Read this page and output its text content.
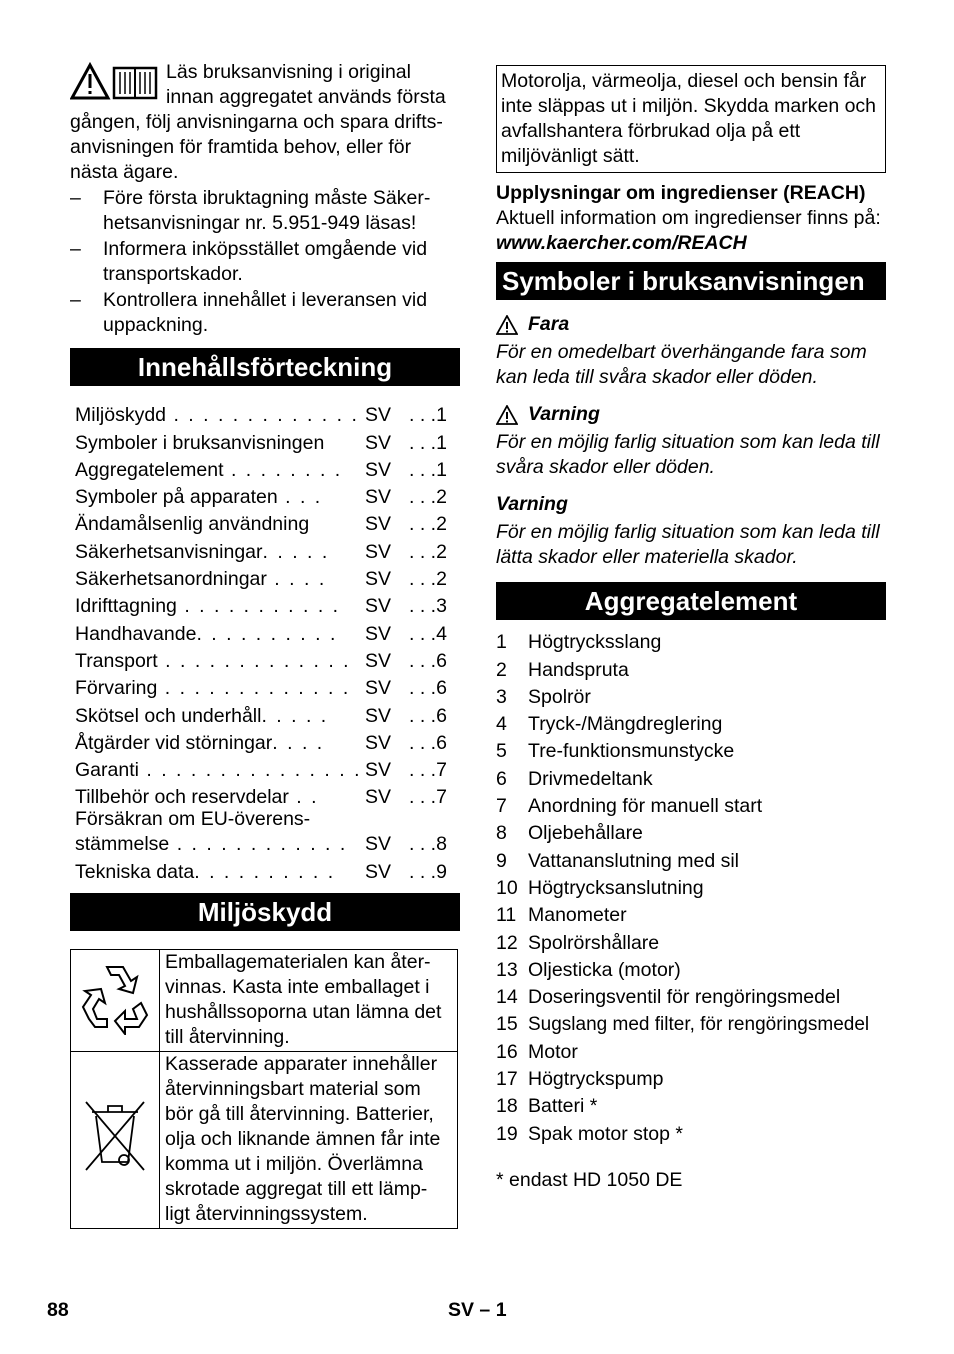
Läs bruksanvisning i original innan aggregatet används första gången, följ anvisningarna och spara drifts-anvisningen för framtida behov, eller för nästa ägare.

– Före första ibruktagning måste Säker-hetsanvisningar nr. 5.951-949 läsas!
– Informera inköpsstället omgående vid transportskador.
– Kontrollera innehållet i leveransen vid uppackning.
Innehållsförteckning
Miljöskydd . . . . . . . . . . . . . SV . . .1
Symboler i bruksanvisningen	SV . . .1
Aggregatelement . . . . . . . .	SV . . .1
Symboler på apparaten . . .	SV . . .2
Ändamålsenlig användning	SV . . .2
Säkerhetsanvisningar. . . . .	SV . . .2
Säkerhetsanordningar . . . .	SV . . .2
Idrifttagning . . . . . . . . . . .	SV . . .3
Handhavande. . . . . . . . . .	SV . . .4
Transport . . . . . . . . . . . . . SV . . .6
Förvaring . . . . . . . . . . . . . SV . . .6
Skötsel och underhåll. . . . .	SV . . .6
Åtgärder vid störningar. . . .	SV . . .6
Garanti . . . . . . . . . . . . . . . SV . . .7
Tillbehör och reservdelar . .	SV . . .7
Försäkran om EU-överens-
stämmelse . . . . . . . . . . . . SV . . .8
Tekniska data. . . . . . . . . .	SV . . .9
Miljöskydd
	Emballagematerialen kan åter-vinnas. Kasta inte emballaget i hushållssoporna utan lämna det till återvinning.
	Kasserade apparater innehåller återvinningsbart material som bör gå till återvinning. Batterier, olja och liknande ämnen får inte komma ut i miljön. Överlämna skrotade aggregat till ett lämp-ligt återvinningssystem.
Motorolja, värmeolja, diesel och bensin får inte släppas ut i miljön. Skydda marken och avfallshantera förbrukad olja på ett miljövänligt sätt.
Upplysningar om ingredienser (REACH)
Aktuell information om ingredienser finns på:
www.kaercher.com/REACH
Symboler i bruksanvisningen
Fara
För en omedelbart överhängande fara som kan leda till svåra skador eller döden.
Varning
För en möjlig farlig situation som kan leda till svåra skador eller döden.
Varning
För en möjlig farlig situation som kan leda till lätta skador eller materiella skador.
Aggregatelement
1	Högtrycksslang
2	Handspruta
3	Spolrör
4	Tryck-/Mängdreglering
5	Tre-funktionsmunstycke
6	Drivmedeltank
7	Anordning för manuell start
8	Oljebehållare
9	Vattananslutning med sil
10 Högtrycksanslutning
11 Manometer
12 Spolrörshållare
13 Oljesticka (motor)
14 Doseringsventil för rengöringsmedel
15 Sugslang med filter, för rengöringsmedel
16 Motor
17 Högtryckspump
18 Batteri *
19 Spak motor stop *
* endast HD 1050 DE
88	SV – 1
